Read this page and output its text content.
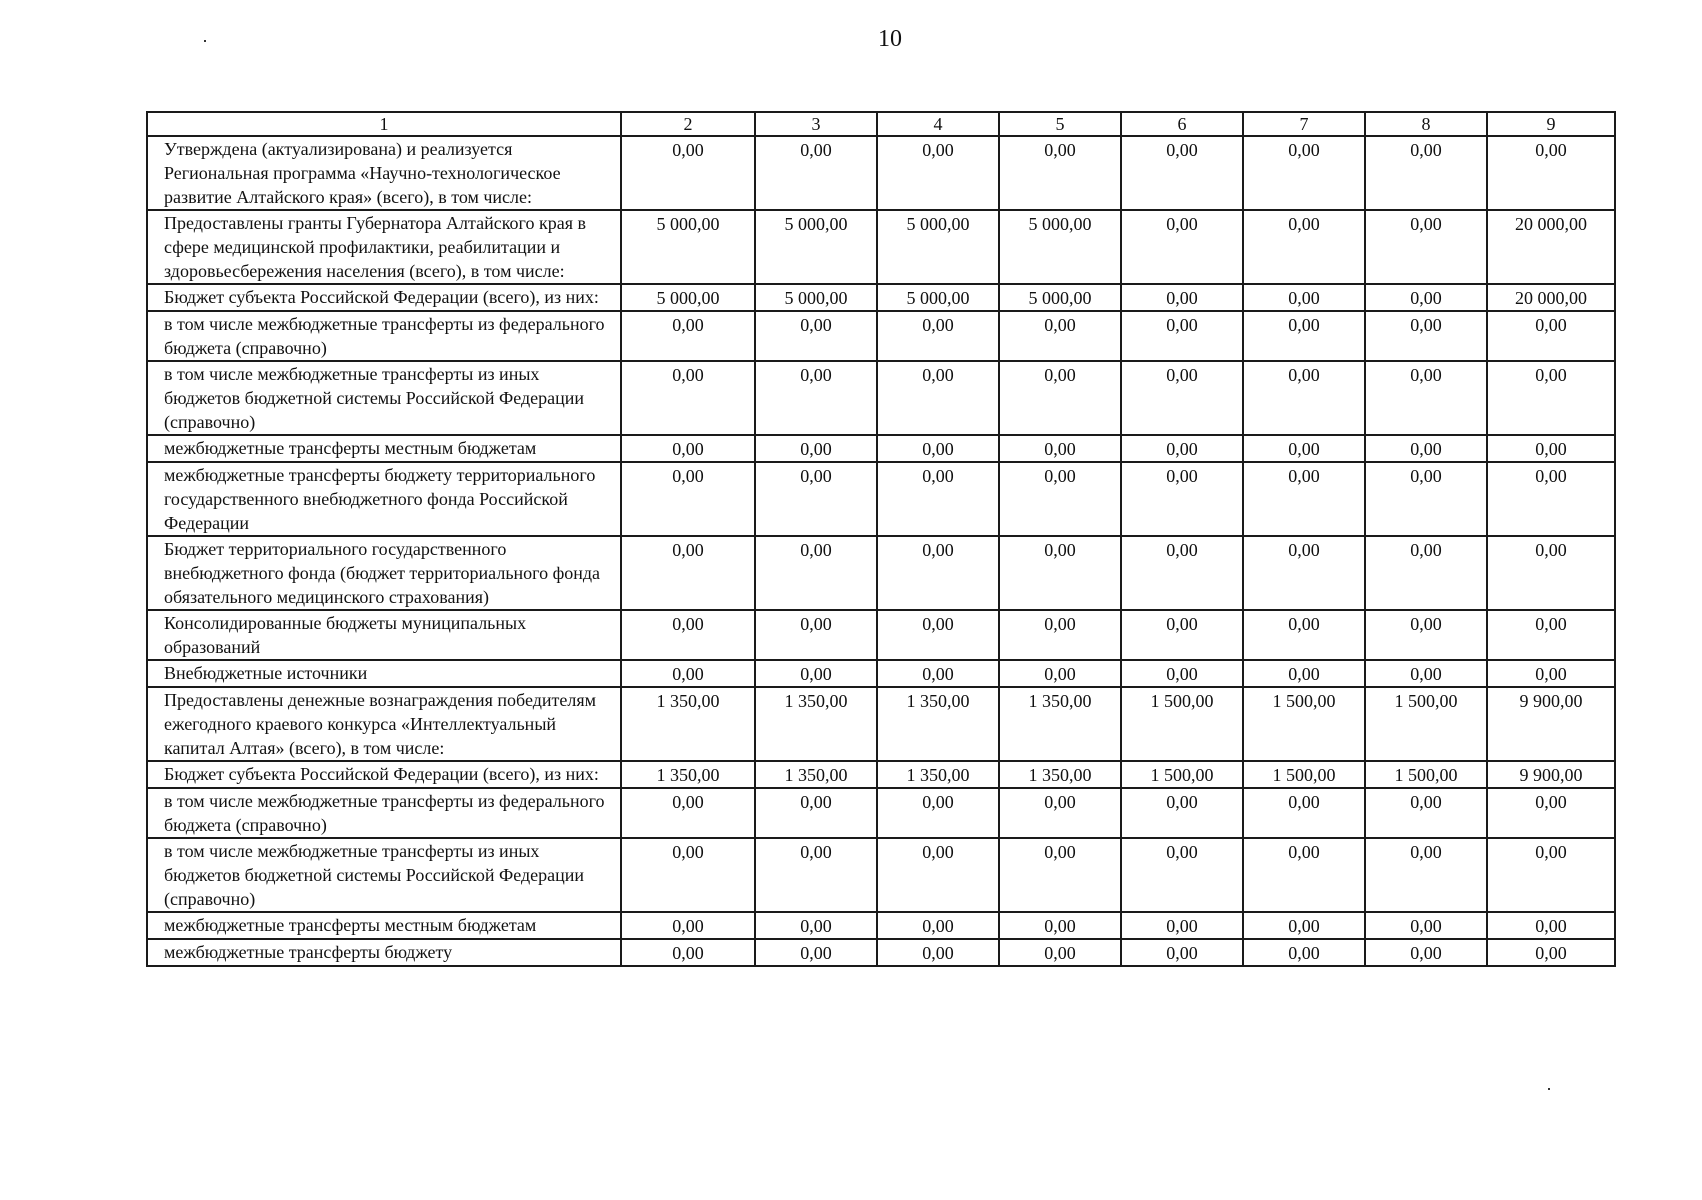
10
1	2	3	4	5	6	7	8	9
Утверждена (актуализирована) и реализуется Региональная программа «Научно-технологическое развитие Алтайского края» (всего), в том числе:	0,00	0,00	0,00	0,00	0,00	0,00	0,00	0,00
Предоставлены гранты Губернатора Алтайского края в сфере медицинской профилактики, реабилитации и здоровьесбережения населения (всего), в том числе:	5 000,00	5 000,00	5 000,00	5 000,00	0,00	0,00	0,00	20 000,00
Бюджет субъекта Российской Федерации (всего), из них:	5 000,00	5 000,00	5 000,00	5 000,00	0,00	0,00	0,00	20 000,00
в том числе межбюджетные трансферты из федерального бюджета (справочно)	0,00	0,00	0,00	0,00	0,00	0,00	0,00	0,00
в том числе межбюджетные трансферты из иных бюджетов бюджетной системы Российской Федерации (справочно)	0,00	0,00	0,00	0,00	0,00	0,00	0,00	0,00
межбюджетные трансферты местным бюджетам	0,00	0,00	0,00	0,00	0,00	0,00	0,00	0,00
межбюджетные трансферты бюджету территориального государственного внебюджетного фонда Российской Федерации	0,00	0,00	0,00	0,00	0,00	0,00	0,00	0,00
Бюджет территориального государственного внебюджетного фонда (бюджет территориального фонда обязательного медицинского страхования)	0,00	0,00	0,00	0,00	0,00	0,00	0,00	0,00
Консолидированные бюджеты муниципальных образований	0,00	0,00	0,00	0,00	0,00	0,00	0,00	0,00
Внебюджетные источники	0,00	0,00	0,00	0,00	0,00	0,00	0,00	0,00
Предоставлены денежные вознаграждения победителям ежегодного краевого конкурса «Интеллектуальный капитал Алтая» (всего), в том числе:	1 350,00	1 350,00	1 350,00	1 350,00	1 500,00	1 500,00	1 500,00	9 900,00
Бюджет субъекта Российской Федерации (всего), из них:	1 350,00	1 350,00	1 350,00	1 350,00	1 500,00	1 500,00	1 500,00	9 900,00
в том числе межбюджетные трансферты из федерального бюджета (справочно)	0,00	0,00	0,00	0,00	0,00	0,00	0,00	0,00
в том числе межбюджетные трансферты из иных бюджетов бюджетной системы Российской Федерации (справочно)	0,00	0,00	0,00	0,00	0,00	0,00	0,00	0,00
межбюджетные трансферты местным бюджетам	0,00	0,00	0,00	0,00	0,00	0,00	0,00	0,00
межбюджетные трансферты бюджету	0,00	0,00	0,00	0,00	0,00	0,00	0,00	0,00
